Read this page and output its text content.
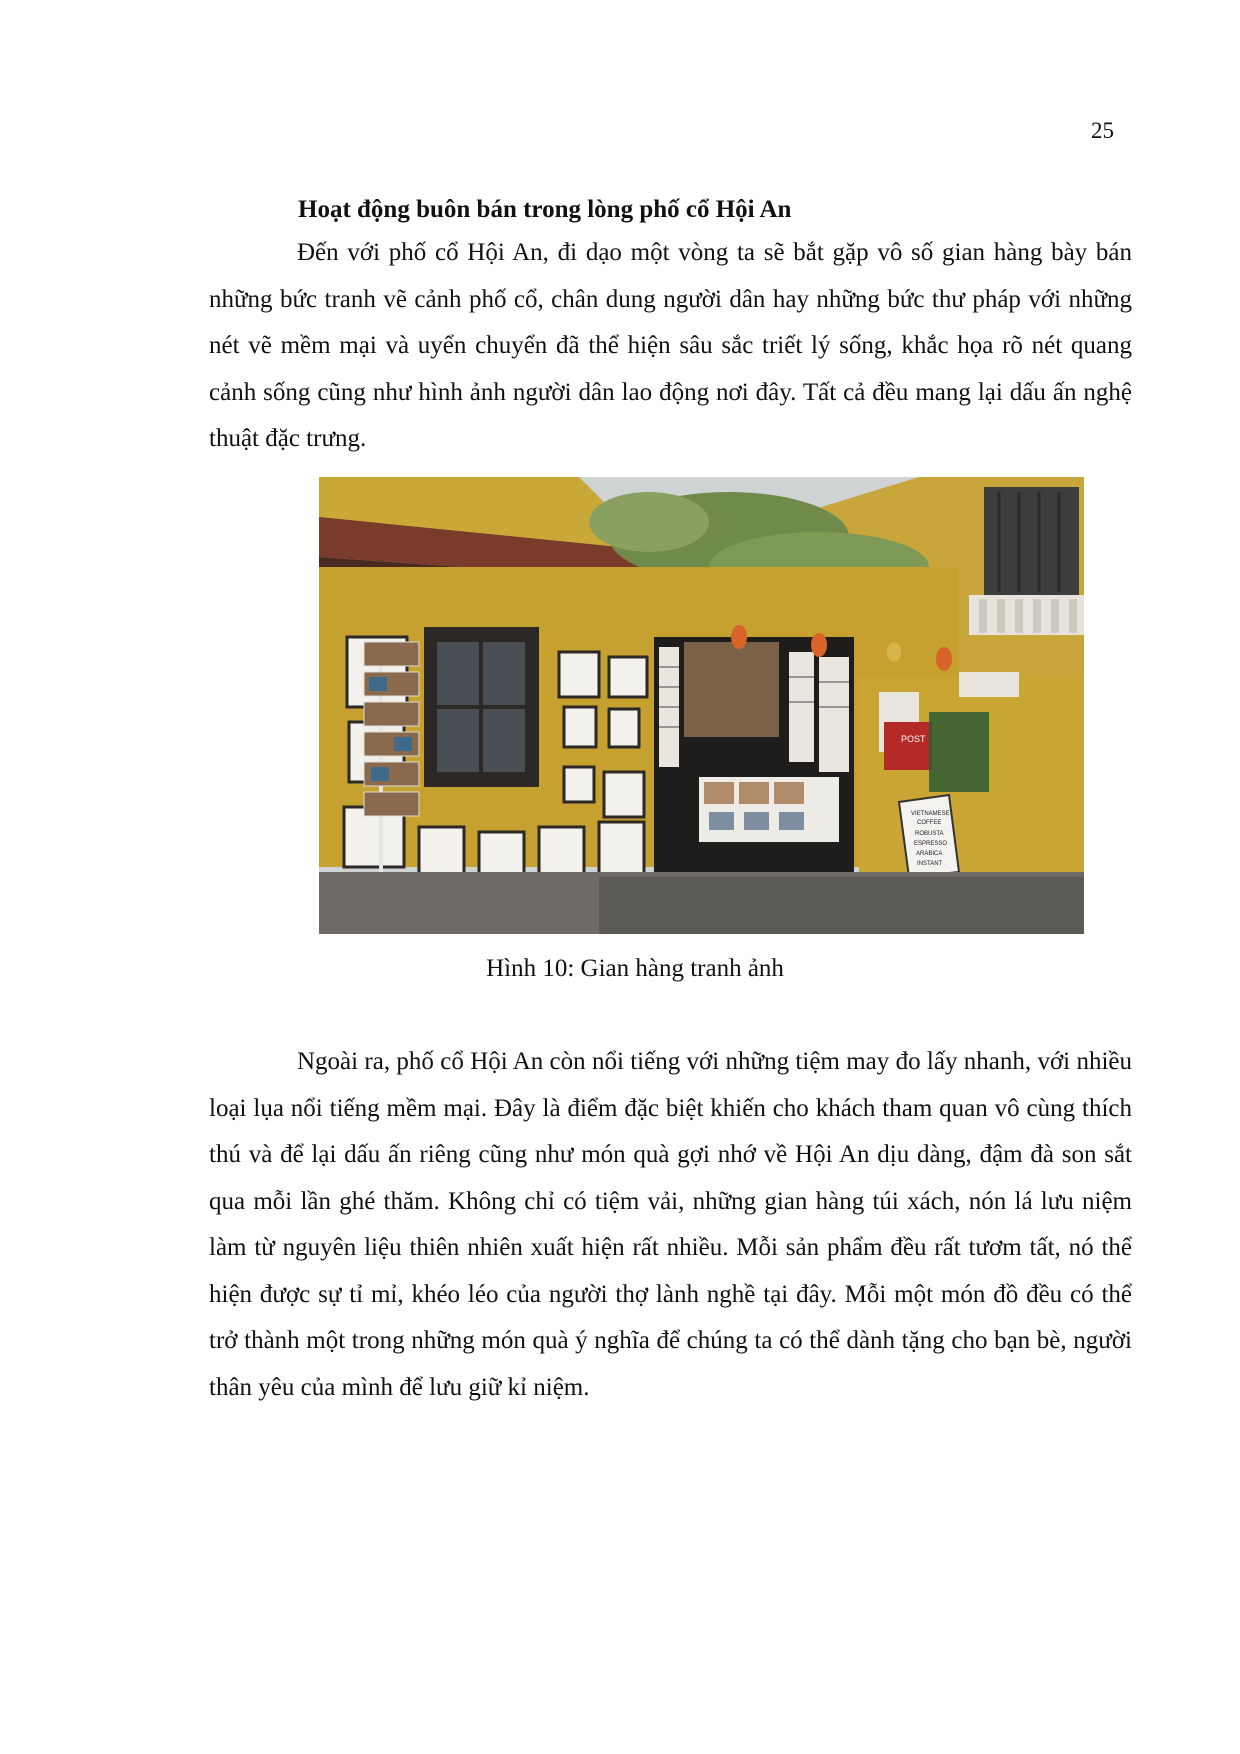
25
Hoạt động buôn bán trong lòng phố cổ Hội An

Đến với phố cổ Hội An, đi dạo một vòng ta sẽ bắt gặp vô số gian hàng bày bán những bức tranh vẽ cảnh phố cổ, chân dung người dân hay những bức thư pháp với những nét vẽ mềm mại và uyển chuyển đã thể hiện sâu sắc triết lý sống, khắc họa rõ nét quang cảnh sống cũng như hình ảnh người dân lao động nơi đây. Tất cả đều mang lại dấu ấn nghệ thuật đặc trưng.

POST
VIETNAMESE
COFFEE
ROBUSTA
ESPRESSO
ARABICA
INSTANT
Hình 10: Gian hàng tranh ảnh

Ngoài ra, phố cổ Hội An còn nổi tiếng với những tiệm may đo lấy nhanh, với nhiều loại lụa nổi tiếng mềm mại. Đây là điểm đặc biệt khiến cho khách tham quan vô cùng thích thú và để lại dấu ấn riêng cũng như món quà gợi nhớ về Hội An dịu dàng, đậm đà son sắt qua mỗi lần ghé thăm. Không chỉ có tiệm vải, những gian hàng túi xách, nón lá lưu niệm làm từ nguyên liệu thiên nhiên xuất hiện rất nhiều. Mỗi sản phẩm đều rất tươm tất, nó thể hiện được sự tỉ mỉ, khéo léo của người thợ lành nghề tại đây. Mỗi một món đồ đều có thể trở thành một trong những món quà ý nghĩa để chúng ta có thể dành tặng cho bạn bè, người thân yêu của mình để lưu giữ kỉ niệm.
